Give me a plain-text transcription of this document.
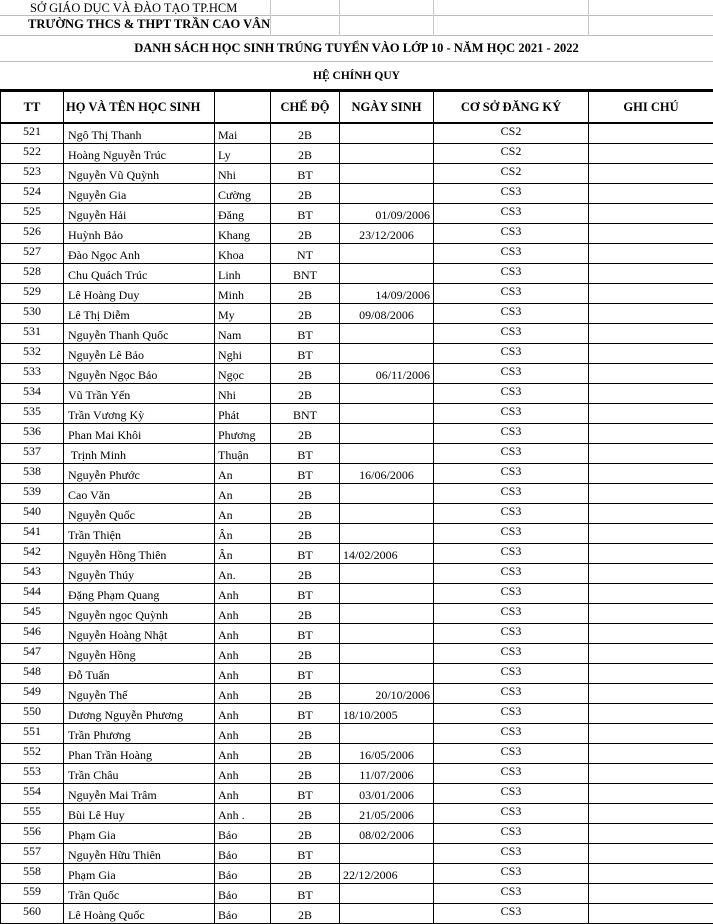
SỞ GIÁO DỤC VÀ ĐÀO TẠO TP.HCM
TRƯỜNG THCS & THPT TRẦN CAO VÂN
DANH SÁCH HỌC SINH TRÚNG TUYỂN VÀO LỚP 10 - NĂM HỌC 2021 - 2022
HỆ CHÍNH QUY
TT	HỌ VÀ TÊN HỌC SINH		CHẾ ĐỘ	NGÀY SINH	CƠ SỞ ĐĂNG KÝ	GHI CHÚ
521	Ngô Thị Thanh	Mai	2B		CS2	
522	Hoàng Nguyễn Trúc	Ly	2B		CS2	
523	Nguyễn Vũ Quỳnh	Nhi	BT		CS2	
524	Nguyễn Gia	Cường	2B		CS3	
525	Nguyễn Hải	Đăng	BT	01/09/2006	CS3	
526	Huỳnh Bảo	Khang	2B	23/12/2006	CS3	
527	Đào Ngọc Anh	Khoa	NT		CS3	
528	Chu Quách Trúc	Linh	BNT		CS3	
529	Lê Hoàng Duy	Minh	2B	14/09/2006	CS3	
530	Lê Thị Diễm	My	2B	09/08/2006	CS3	
531	Nguyễn Thanh Quốc	Nam	BT		CS3	
532	Nguyễn Lê Bảo	Nghi	BT		CS3	
533	Nguyễn Ngọc Bảo	Ngọc	2B	06/11/2006	CS3	
534	Vũ Trần Yến	Nhi	2B		CS3	
535	Trần Vương Kỳ	Phát	BNT		CS3	
536	Phan Mai Khôi	Phương	2B		CS3	
537	Trịnh Minh	Thuận	BT		CS3	
538	Nguyễn Phước	An	BT	16/06/2006	CS3	
539	Cao Văn	An	2B		CS3	
540	Nguyễn Quốc	An	2B		CS3	
541	Trần Thiện	Ân	2B		CS3	
542	Nguyễn Hồng Thiên	Ân	BT	14/02/2006	CS3	
543	Nguyễn Thúy	An.	2B		CS3	
544	Đặng Phạm Quang	Anh	BT		CS3	
545	Nguyễn ngọc Quỳnh	Anh	2B		CS3	
546	Nguyễn Hoàng Nhật	Anh	BT		CS3	
547	Nguyễn Hồng	Anh	2B		CS3	
548	Đỗ Tuấn	Anh	BT		CS3	
549	Nguyễn Thế	Anh	2B	20/10/2006	CS3	
550	Dương Nguyễn Phương	Anh	BT	18/10/2005	CS3	
551	Trần Phương	Anh	2B		CS3	
552	Phan Trần Hoàng	Anh	2B	16/05/2006	CS3	
553	Trần Châu	Anh	2B	11/07/2006	CS3	
554	Nguyễn Mai Trâm	Anh	BT	03/01/2006	CS3	
555	Bùi Lê Huy	Anh .	2B	21/05/2006	CS3	
556	Phạm Gia	Bảo	2B	08/02/2006	CS3	
557	Nguyễn Hữu Thiên	Bảo	BT		CS3	
558	Phạm Gia	Bảo	2B	22/12/2006	CS3	
559	Trần Quốc	Bảo	BT		CS3	
560	Lê Hoàng Quốc	Bảo	2B		CS3	
